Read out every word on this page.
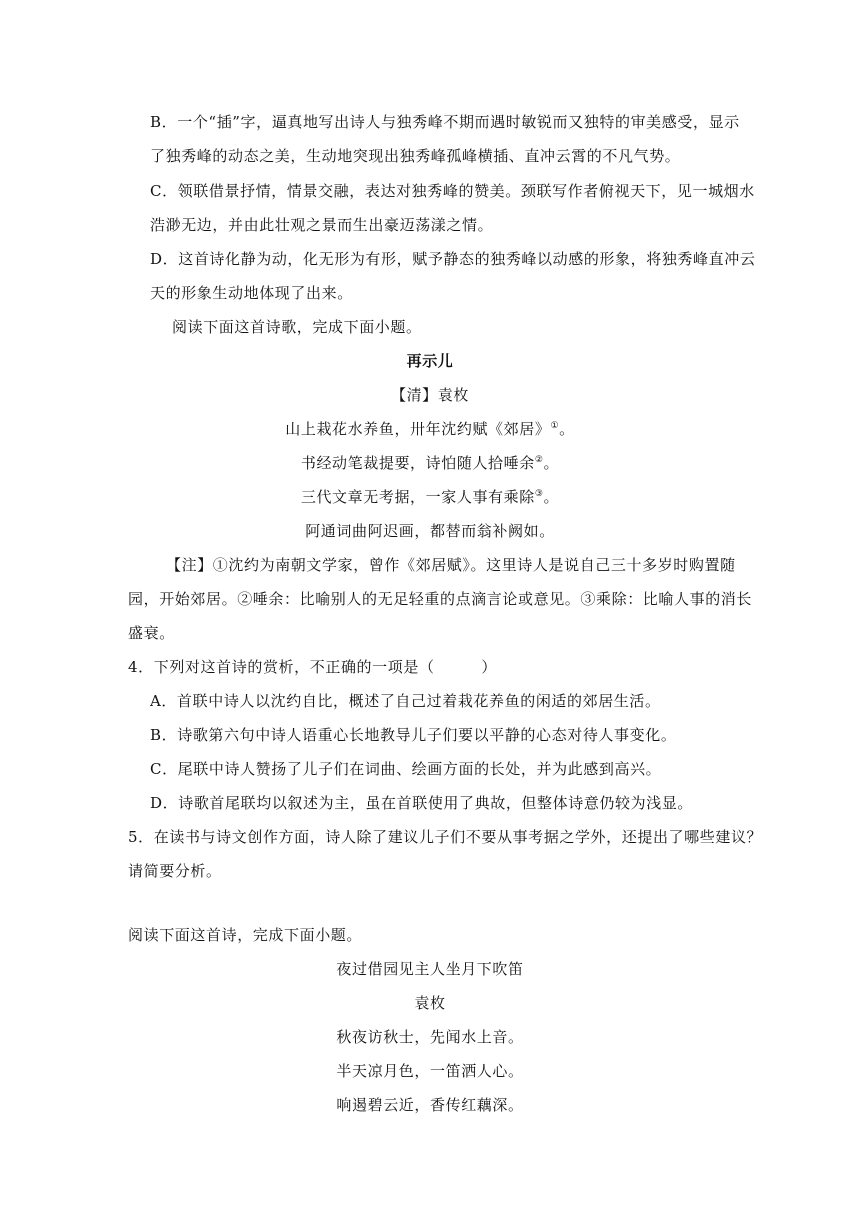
B．一个“插”字，逼真地写出诗人与独秀峰不期而遇时敏锐而又独特的审美感受，显示
了独秀峰的动态之美，生动地突现出独秀峰孤峰横插、直冲云霄的不凡气势。
C．领联借景抒情，情景交融，表达对独秀峰的赞美。颈联写作者俯视天下，见一城烟水
浩渺无边，并由此壮观之景而生出豪迈荡漾之情。
D．这首诗化静为动，化无形为有形，赋予静态的独秀峰以动感的形象，将独秀峰直冲云
天的形象生动地体现了出来。
阅读下面这首诗歌，完成下面小题。
再示儿
【清】袁枚
山上栽花水养鱼，卅年沈约赋《郊居》①。
书经动笔裁提要，诗怕随人拾唾余②。
三代文章无考据，一家人事有乘除③。
阿通词曲阿迟画，都替而翁补阙如。
【注】①沈约为南朝文学家，曾作《郊居赋》。这里诗人是说自己三十多岁时购置随
园，开始郊居。②唾余：比喻别人的无足轻重的点滴言论或意见。③乘除：比喻人事的消长
盛衰。
4．下列对这首诗的赏析，不正确的一项是（　　　）
A．首联中诗人以沈约自比，概述了自己过着栽花养鱼的闲适的郊居生活。
B．诗歌第六句中诗人语重心长地教导儿子们要以平静的心态对待人事变化。
C．尾联中诗人赞扬了儿子们在词曲、绘画方面的长处，并为此感到高兴。
D．诗歌首尾联均以叙述为主，虽在首联使用了典故，但整体诗意仍较为浅显。
5．在读书与诗文创作方面，诗人除了建议儿子们不要从事考据之学外，还提出了哪些建议？
请简要分析。
阅读下面这首诗，完成下面小题。
夜过借园见主人坐月下吹笛
袁枚
秋夜访秋士，先闻水上音。
半天凉月色，一笛洒人心。
响遏碧云近，香传红藕深。
